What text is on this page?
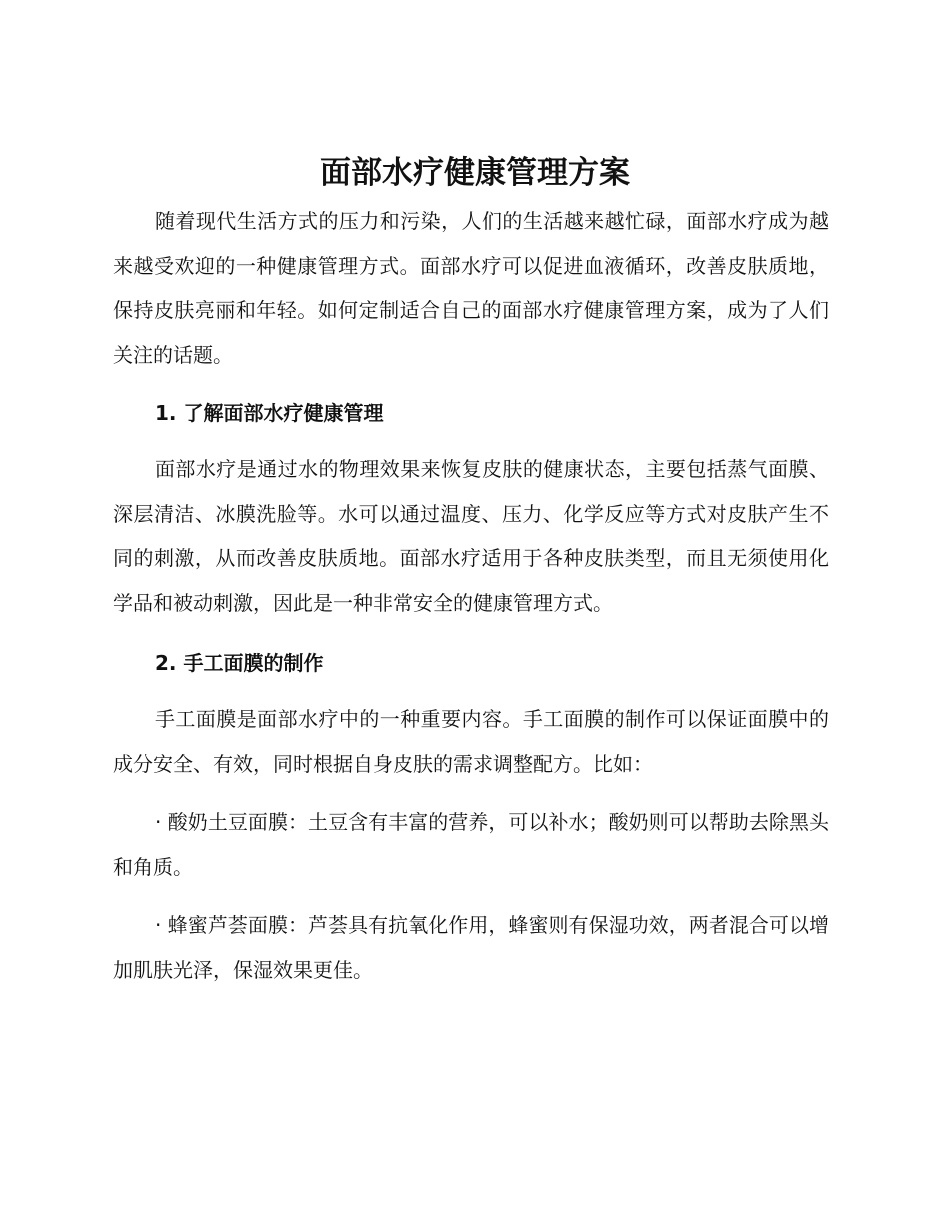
面部水疗健康管理方案

随着现代生活方式的压力和污染，人们的生活越来越忙碌，面部水疗成为越来越受欢迎的一种健康管理方式。面部水疗可以促进血液循环，改善皮肤质地，保持皮肤亮丽和年轻。如何定制适合自己的面部水疗健康管理方案，成为了人们关注的话题。

1. 了解面部水疗健康管理

面部水疗是通过水的物理效果来恢复皮肤的健康状态，主要包括蒸气面膜、深层清洁、冰膜洗脸等。水可以通过温度、压力、化学反应等方式对皮肤产生不同的刺激，从而改善皮肤质地。面部水疗适用于各种皮肤类型，而且无须使用化学品和被动刺激，因此是一种非常安全的健康管理方式。

2. 手工面膜的制作

手工面膜是面部水疗中的一种重要内容。手工面膜的制作可以保证面膜中的成分安全、有效，同时根据自身皮肤的需求调整配方。比如：

· 酸奶土豆面膜：土豆含有丰富的营养，可以补水；酸奶则可以帮助去除黑头和角质。

· 蜂蜜芦荟面膜：芦荟具有抗氧化作用，蜂蜜则有保湿功效，两者混合可以增加肌肤光泽，保湿效果更佳。
